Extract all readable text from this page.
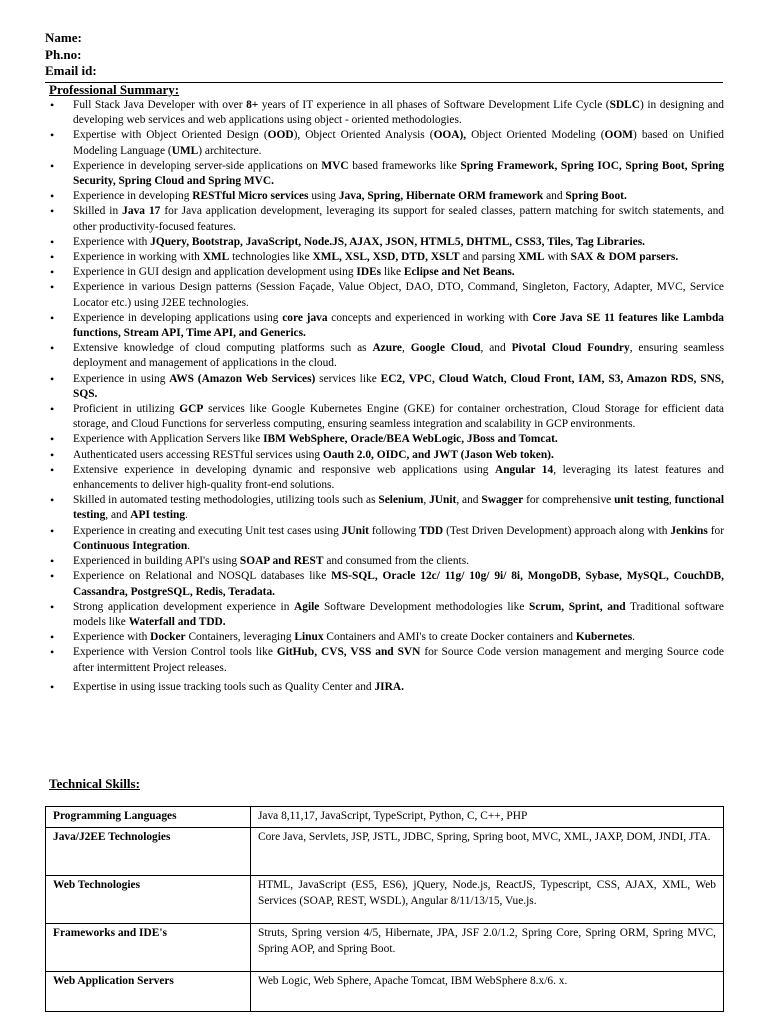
Name:
Ph.no:
Email id:
Professional Summary:
• Full Stack Java Developer with over 8+ years of IT experience in all phases of Software Development Life Cycle (SDLC) in designing and developing web services and web applications using object - oriented methodologies.
• Expertise with Object Oriented Design (OOD), Object Oriented Analysis (OOA), Object Oriented Modeling (OOM) based on Unified Modeling Language (UML) architecture.
• Experience in developing server-side applications on MVC based frameworks like Spring Framework, Spring IOC, Spring Boot, Spring Security, Spring Cloud and Spring MVC.
• Experience in developing RESTful Micro services using Java, Spring, Hibernate ORM framework and Spring Boot.
• Skilled in Java 17 for Java application development, leveraging its support for sealed classes, pattern matching for switch statements, and other productivity-focused features.
• Experience with JQuery, Bootstrap, JavaScript, Node.JS, AJAX, JSON, HTML5, DHTML, CSS3, Tiles, Tag Libraries.
• Experience in working with XML technologies like XML, XSL, XSD, DTD, XSLT and parsing XML with SAX & DOM parsers.
• Experience in GUI design and application development using IDEs like Eclipse and Net Beans.
• Experience in various Design patterns (Session Façade, Value Object, DAO, DTO, Command, Singleton, Factory, Adapter, MVC, Service Locator etc.) using J2EE technologies.
• Experience in developing applications using core java concepts and experienced in working with Core Java SE 11 features like Lambda functions, Stream API, Time API, and Generics.
• Extensive knowledge of cloud computing platforms such as Azure, Google Cloud, and Pivotal Cloud Foundry, ensuring seamless deployment and management of applications in the cloud.
• Experience in using AWS (Amazon Web Services) services like EC2, VPC, Cloud Watch, Cloud Front, IAM, S3, Amazon RDS, SNS, SQS.
• Proficient in utilizing GCP services like Google Kubernetes Engine (GKE) for container orchestration, Cloud Storage for efficient data storage, and Cloud Functions for serverless computing, ensuring seamless integration and scalability in GCP environments.
• Experience with Application Servers like IBM WebSphere, Oracle/BEA WebLogic, JBoss and Tomcat.
• Authenticated users accessing RESTful services using Oauth 2.0, OIDC, and JWT (Jason Web token).
• Extensive experience in developing dynamic and responsive web applications using Angular 14, leveraging its latest features and enhancements to deliver high-quality front-end solutions.
• Skilled in automated testing methodologies, utilizing tools such as Selenium, JUnit, and Swagger for comprehensive unit testing, functional testing, and API testing.
• Experience in creating and executing Unit test cases using JUnit following TDD (Test Driven Development) approach along with Jenkins for Continuous Integration.
• Experienced in building API's using SOAP and REST and consumed from the clients.
• Experience on Relational and NOSQL databases like MS-SQL, Oracle 12c/ 11g/ 10g/ 9i/ 8i, MongoDB, Sybase, MySQL, CouchDB, Cassandra, PostgreSQL, Redis, Teradata.
• Strong application development experience in Agile Software Development methodologies like Scrum, Sprint, and Traditional software models like Waterfall and TDD.
• Experience with Docker Containers, leveraging Linux Containers and AMI's to create Docker containers and Kubernetes.
• Experience with Version Control tools like GitHub, CVS, VSS and SVN for Source Code version management and merging Source code after intermittent Project releases.
• Expertise in using issue tracking tools such as Quality Center and JIRA.
Technical Skills:
Programming Languages	Java 8,11,17, JavaScript, TypeScript, Python, C, C++, PHP
Java/J2EE Technologies	Core Java, Servlets, JSP, JSTL, JDBC, Spring, Spring boot, MVC, XML, JAXP, DOM, JNDI, JTA.
Web Technologies	HTML, JavaScript (ES5, ES6), jQuery, Node.js, ReactJS, Typescript, CSS, AJAX, XML, Web Services (SOAP, REST, WSDL), Angular 8/11/13/15, Vue.js.
Frameworks and IDE's	Struts, Spring version 4/5, Hibernate, JPA, JSF 2.0/1.2, Spring Core, Spring ORM, Spring MVC, Spring AOP, and Spring Boot.
Web Application Servers	Web Logic, Web Sphere, Apache Tomcat, IBM WebSphere 8.x/6. x.
